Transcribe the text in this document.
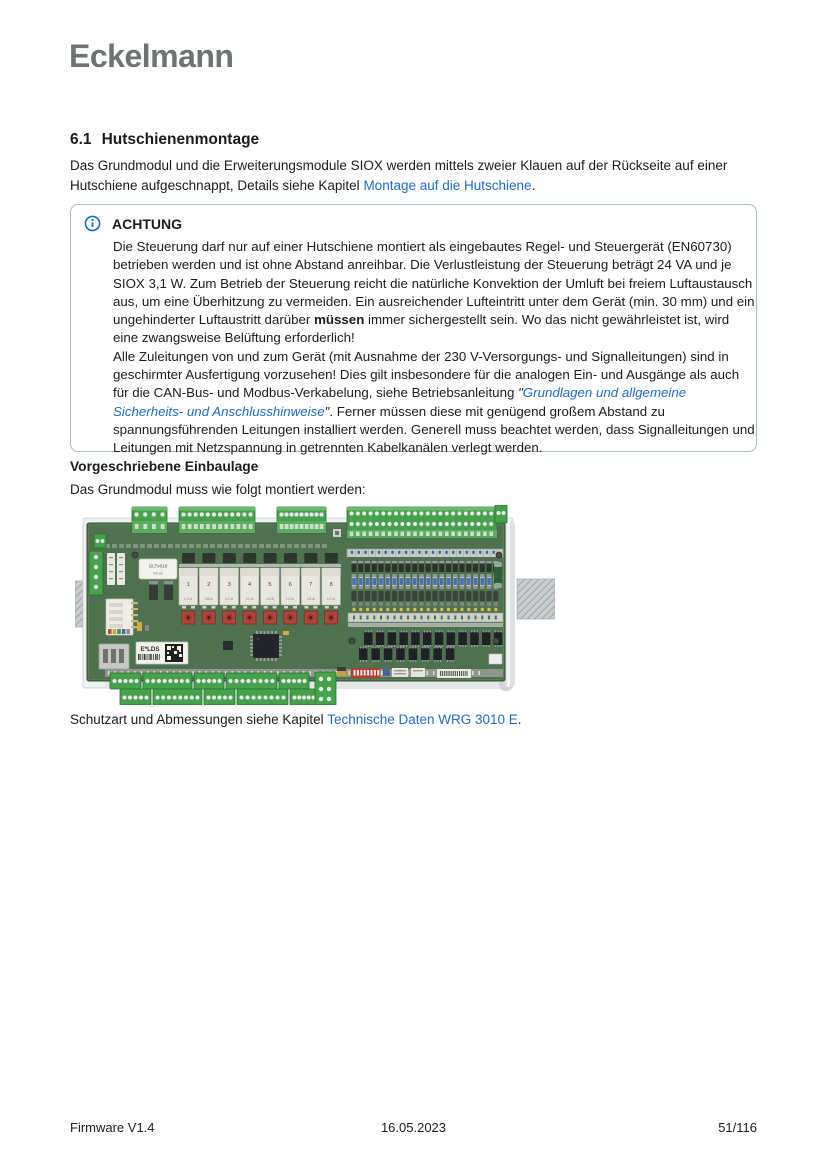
Eckelmann
6.1 Hutschienenmontage

Das Grundmodul und die Erweiterungsmodule SIOX werden mittels zweier Klauen auf der Rückseite auf einer Hutschiene aufgeschnappt, Details siehe Kapitel Montage auf die Hutschiene.

ACHTUNG
Die Steuerung darf nur auf einer Hutschiene montiert als eingebautes Regel- und Steuergerät (EN60730) betrieben werden und ist ohne Abstand anreihbar. Die Verlustleistung der Steuerung beträgt 24 VA und je SIOX 3,1 W. Zum Betrieb der Steuerung reicht die natürliche Konvektion der Umluft bei freiem Luftaustausch aus, um eine Überhitzung zu vermeiden. Ein ausreichender Lufteintritt unter dem Gerät (min. 30 mm) und ein ungehinderter Luftaustritt darüber müssen immer sichergestellt sein. Wo das nicht gewährleistet ist, wird eine zwangsweise Belüftung erforderlich!
Alle Zuleitungen von und zum Gerät (mit Ausnahme der 230 V-Versorgungs- und Signalleitungen) sind in geschirmter Ausfertigung vorzusehen! Dies gilt insbesondere für die analogen Ein- und Ausgänge als auch für die CAN-Bus- und Modbus-Verkabelung, siehe Betriebsanleitung "Grundlagen und allgemeine Sicherheits- und Anschlusshinweise". Ferner müssen diese mit genügend großem Abstand zu spannungsführenden Leitungen installiert werden. Generell muss beachtet werden, dass Signalleitungen und Leitungen mit Netzspannung in getrennten Kabelkanälen verlegt werden.
Vorgeschriebene Einbaulage

Das Grundmodul muss wie folgt montiert werden:

GLTx010
Vx.xx
1
I-O-A
2
I-O-A
3
I-O-A
4
I-O-A
5
I-O-A
6
I-O-A
7
I-O-A
8
I-O-A
E*LDS

Schutzart und Abmessungen siehe Kapitel Technische Daten WRG 3010 E.

Firmware V1.4	16.05.2023	51/116
